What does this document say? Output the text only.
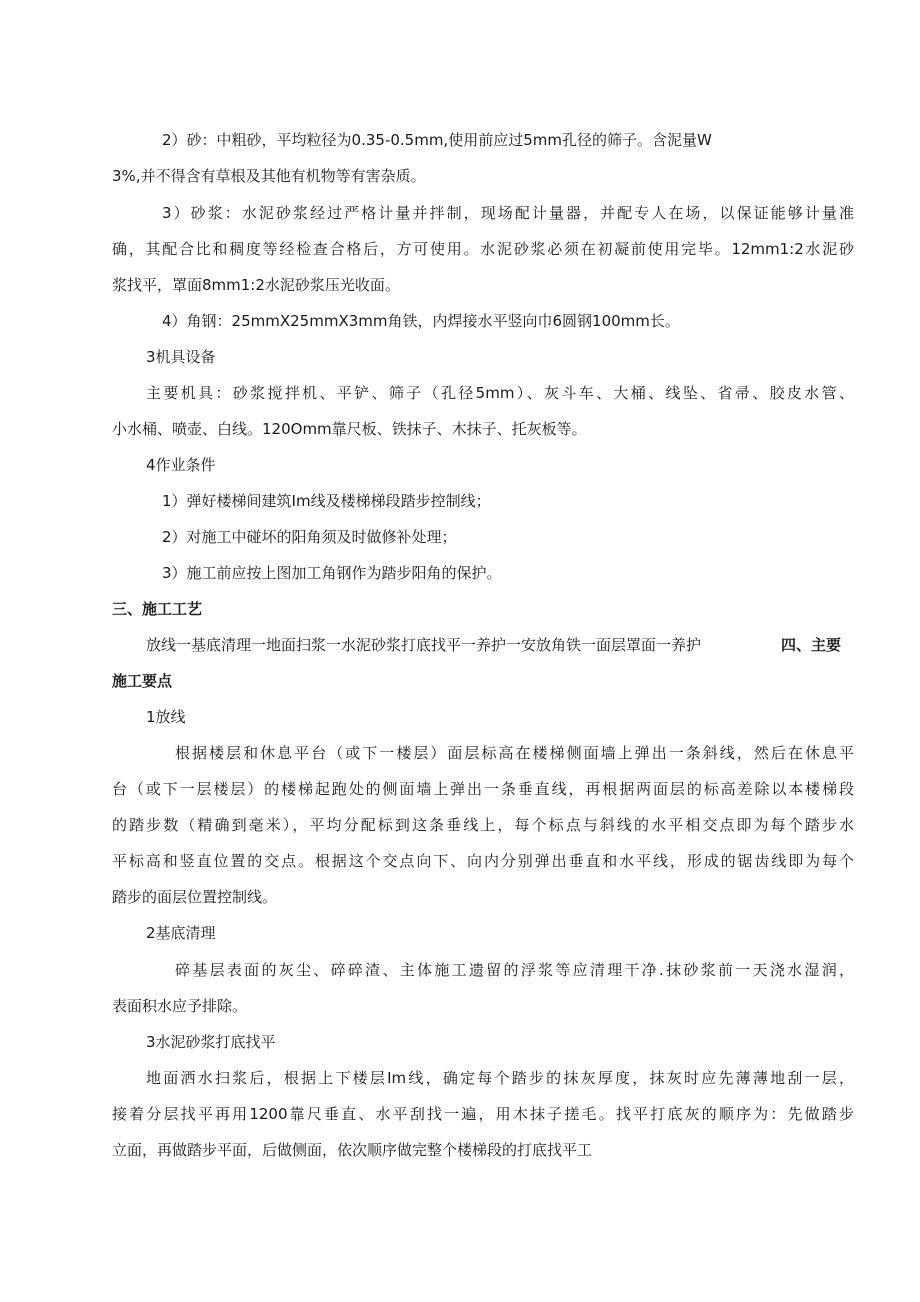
2）砂：中粗砂，平均粒径为0.35-0.5mm,使用前应过5mm孔径的筛子。含泥量W
3%,并不得含有草根及其他有机物等有害杂质。
3）砂浆：水泥砂浆经过严格计量并拌制，现场配计量器，并配专人在场，以保证能够计量准
确，其配合比和稠度等经检查合格后，方可使用。水泥砂浆必须在初凝前使用完毕。12mm1:2水泥砂
浆找平，罩面8mm1:2水泥砂浆压光收面。
4）角钢：25mmX25mmX3mm角铁，内焊接水平竖向巾6圆钢100mm长。
3机具设备
主要机具：砂浆搅拌机、平铲、筛子（孔径5mm）、灰斗车、大桶、线坠、省帚、胶皮水管、
小水桶、喷壶、白线。120Omm靠尺板、铁抹子、木抹子、托灰板等。
4作业条件
1）弹好楼梯间建筑Im线及楼梯梯段踏步控制线；
2）对施工中碰坏的阳角须及时做修补处理；
3）施工前应按上图加工角钢作为踏步阳角的保护。
三、施工工艺
放线一基底清理一地面扫浆一水泥砂浆打底找平一养护一安放角铁一面层罩面一养护	四、主要
施工要点
1放线
根据楼层和休息平台（或下一楼层）面层标高在楼梯侧面墙上弹出一条斜线，然后在休息平
台（或下一层楼层）的楼梯起跑处的侧面墙上弹出一条垂直线，再根据两面层的标高差除以本楼梯段
的踏步数（精确到毫米），平均分配标到这条垂线上，每个标点与斜线的水平相交点即为每个踏步水
平标高和竖直位置的交点。根据这个交点向下、向内分别弹出垂直和水平线，形成的锯齿线即为每个
踏步的面层位置控制线。
2基底清理
碎基层表面的灰尘、碎碎渣、主体施工遗留的浮浆等应清理干净.抹砂浆前一天浇水湿润，
表面积水应予排除。
3水泥砂浆打底找平
地面洒水扫浆后，根据上下楼层Im线，确定每个踏步的抹灰厚度，抹灰时应先薄薄地刮一层，
接着分层找平再用1200靠尺垂直、水平刮找一遍，用木抹子搓毛。找平打底灰的顺序为：先做踏步
立面，再做踏步平面，后做侧面，依次顺序做完整个楼梯段的打底找平工
